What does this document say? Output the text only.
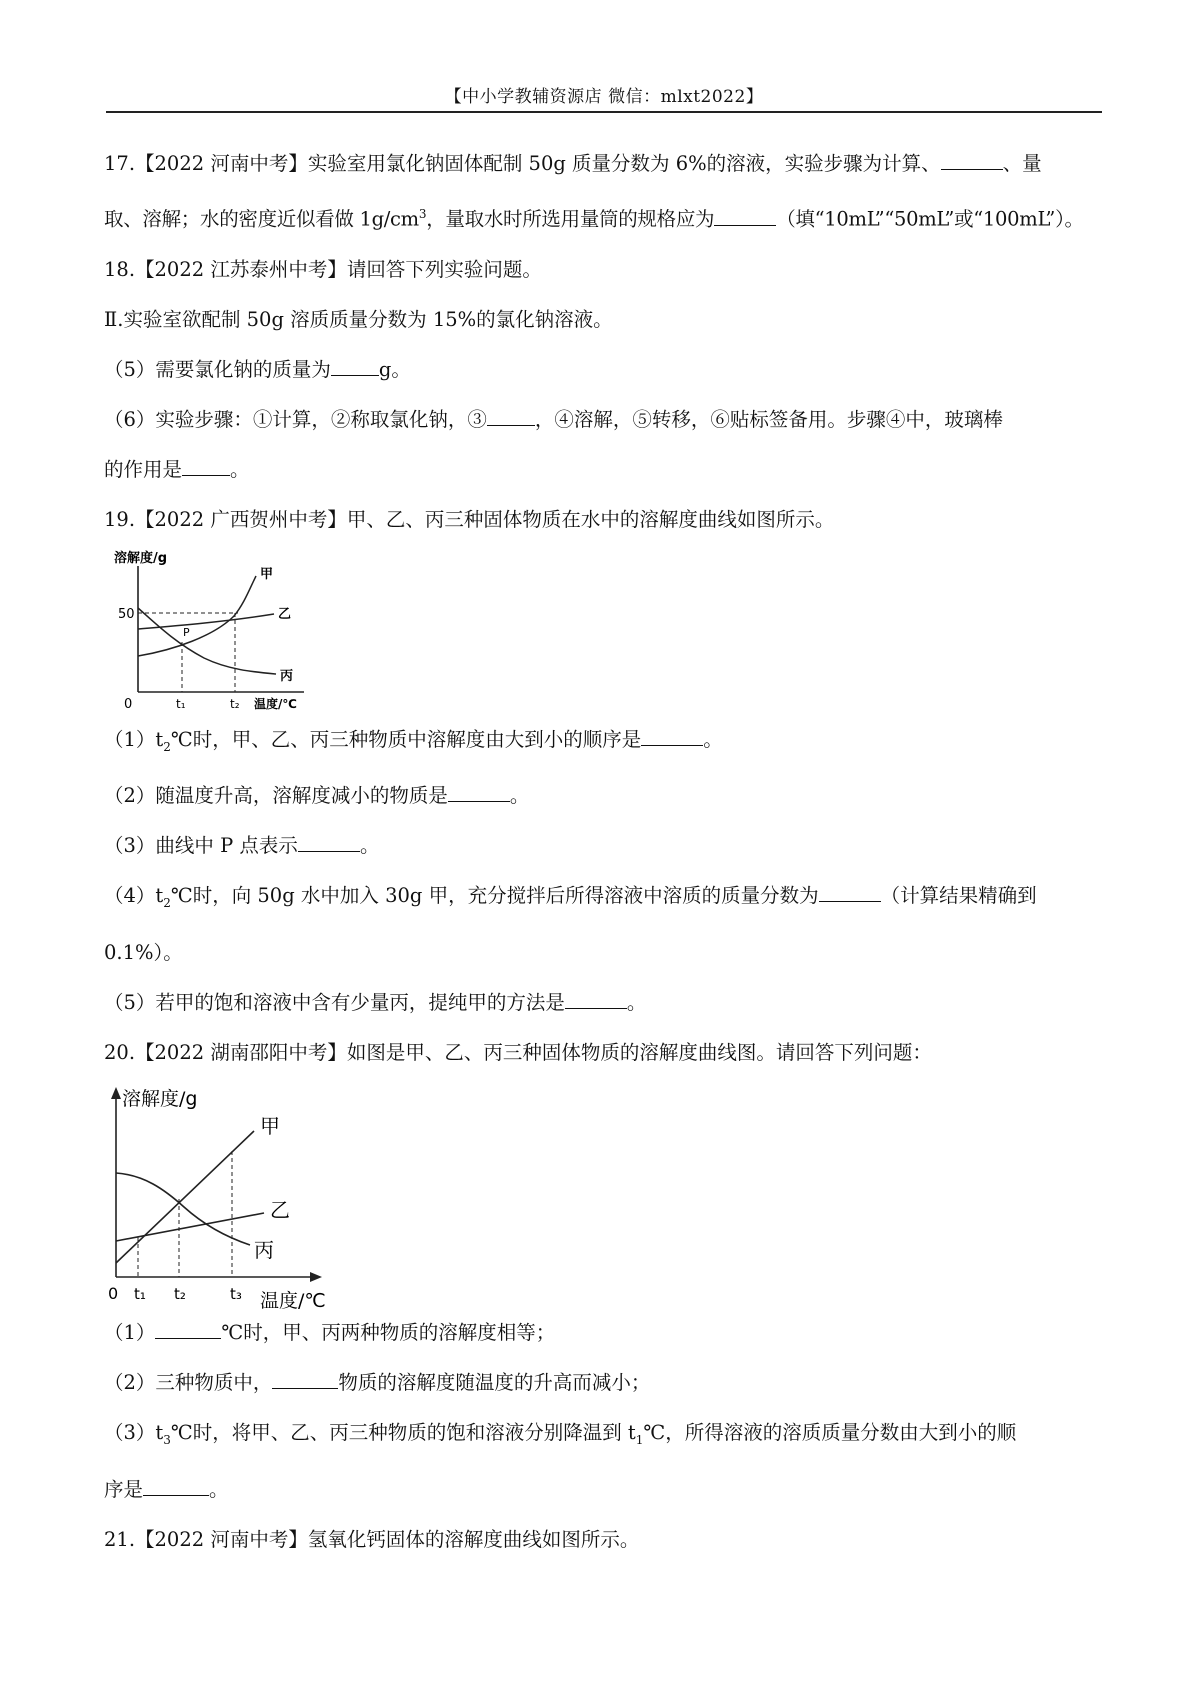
【中小学教辅资源店 微信：mlxt2022】

17.【2022 河南中考】实验室用氯化钠固体配制 50g 质量分数为 6%的溶液，实验步骤为计算、	、量

取、溶解；水的密度近似看做 $1g/cm^3$，量取水时所选用量筒的规格应为	（填“10mL”“50mL”或“100mL”）。

18.【2022 江苏泰州中考】请回答下列实验问题。

Ⅱ.实验室欲配制 50g 溶质质量分数为 15%的氯化钠溶液。

（5）需要氯化钠的质量为 g。

（6）实验步骤：①计算，②称取氯化钠，③ ，④溶解，⑤转移，⑥贴标签备用。步骤④中，玻璃棒

的作用是 。

19.【2022 广西贺州中考】甲、乙、丙三种固体物质在水中的溶解度曲线如图所示。

溶解度/g
50
0	t₁	t₂ 温度/℃
甲
乙
丙
P

$(1)t_2℃$时，甲、乙、丙三种物质中溶解度由大到小的顺序是	。

（2）随温度升高，溶解度减小的物质是	。

（3）曲线中 P 点表示	。

$(4)t_2℃$时，向 50g 水中加入 30g 甲，充分搅拌后所得溶液中溶质的质量分数为	（计算结果精确到

0.1%）。

（5）若甲的饱和溶液中含有少量丙，提纯甲的方法是	。

20.【2022 湖南邵阳中考】如图是甲、乙、丙三种固体物质的溶解度曲线图。请回答下列问题：

溶解度/g
0 t₁ t₂	t₃ 温度/℃
甲
乙
丙

（1）	℃时，甲、丙两种物质的溶解度相等；

（2）三种物质中，	物质的溶解度随温度的升高而减小；

$(3)t_3℃$时，将甲、乙、丙三种物质的饱和溶液分别降温到 $t_1℃$，所得溶液的溶质质量分数由大到小的顺

序是	。

21.【2022 河南中考】氢氧化钙固体的溶解度曲线如图所示。
